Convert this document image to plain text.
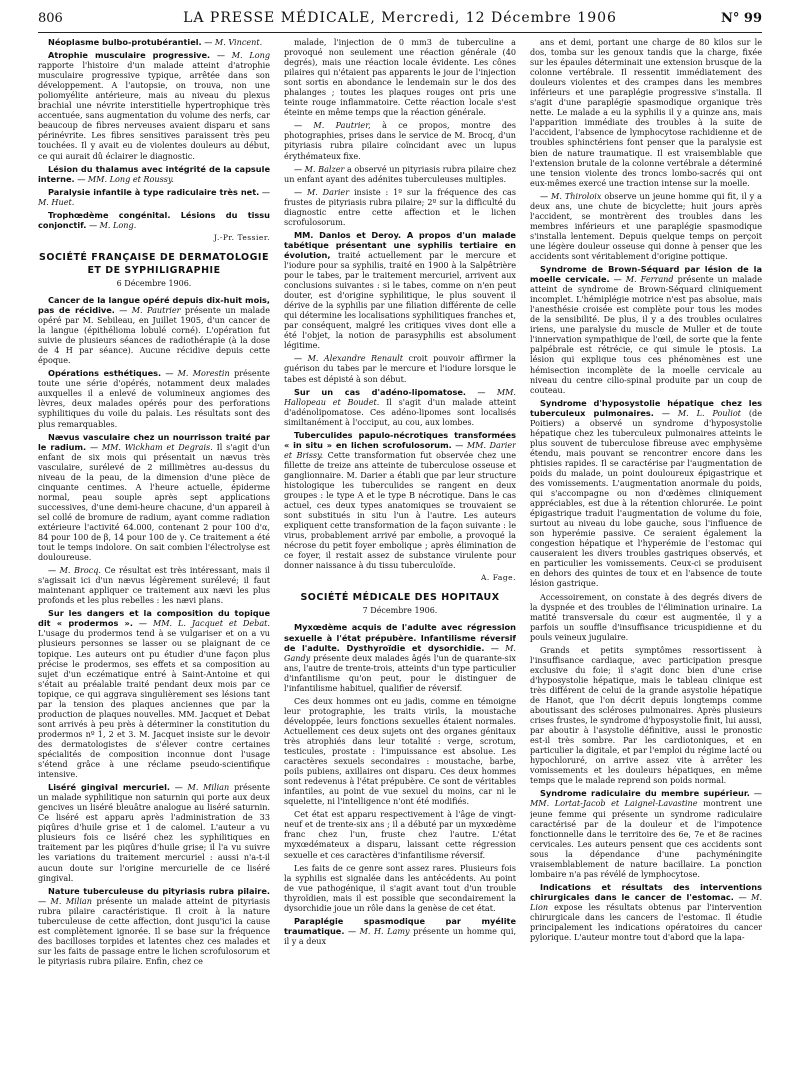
806	LA PRESSE MÉDICALE, Mercredi, 12 Décembre 1906	N° 99

Néoplasme bulbo-protubérantiel. — M. Vincent.

Atrophie musculaire progressive. — M. Long rapporte l'histoire d'un malade atteint d'atrophie musculaire progressive typique, arrêtée dans son développement. A l'autopsie, on trouva, non une poliomyélite antérieure, mais au niveau du plexus brachial une névrite interstitielle hypertrophique très accentuée, sans augmentation du volume des nerfs, car beaucoup de fibres nerveuses avaient disparu et sans périnévrite. Les fibres sensitives paraissent très peu touchées. Il y avait eu de violentes douleurs au début, ce qui aurait dû éclairer le diagnostic.

Lésion du thalamus avec intégrité de la capsule interne. — MM. Long et Roussy.

Paralysie infantile à type radiculaire très net. — M. Huet.

Trophœdème congénital. Lésions du tissu conjonctif. — M. Long.

J.-Pr. Tessier.
SOCIÉTÉ FRANÇAISE DE DERMATOLOGIE ET DE SYPHILIGRAPHIE
6 Décembre 1906.

Cancer de la langue opéré depuis dix-huit mois, pas de récidive. — M. Pautrier présente un malade opéré par M. Sebileau, en Juillet 1905, d'un cancer de la langue (épithélioma lobulé corné). L'opération fut suivie de plusieurs séances de radiothérapie (à la dose de 4 H par séance). Aucune récidive depuis cette époque.

Opérations esthétiques. — M. Morestin présente toute une série d'opérés, notamment deux malades auxquelles il a enlevé de volumineux angiomes des lèvres, deux malades opérés pour des perforations syphilitiques du voile du palais. Les résultats sont des plus remarquables.

Nævus vasculaire chez un nourrisson traité par le radium. — MM. Wickham et Degrais. Il s'agit d'un enfant de six mois qui présentait un nævus très vasculaire, surélevé de 2 millimètres au-dessus du niveau de la peau, de la dimension d'une pièce de cinquante centimes. A l'heure actuelle, épiderme normal, peau souple après sept applications successives, d'une demi-heure chacune, d'un appareil à sel collé de bromure de radium, ayant comme radiation extérieure l'activité 64.000, contenant 2 pour 100 d'α, 84 pour 100 de β, 14 pour 100 de γ. Ce traitement a été tout le temps indolore. On sait combien l'électrolyse est douloureuse.

— M. Brocq. Ce résultat est très intéressant, mais il s'agissait ici d'un nævus légèrement surélevé; il faut maintenant appliquer ce traitement aux nævi les plus profonds et les plus rebelles : les nævi plans.

Sur les dangers et la composition du topique dit « prodermos ». — MM. L. Jacquet et Debat. L'usage du prodermos tend à se vulgariser et on a vu plusieurs personnes se lasser ou se plaignant de ce topique. Les auteurs ont pu étudier d'une façon plus précise le prodermos, ses effets et sa composition au sujet d'un eczématique entré à Saint-Antoine et qui s'était au préalable traité pendant deux mois par ce topique, ce qui aggrava singulièrement ses lésions tant par la tension des plaques anciennes que par la production de plaques nouvelles. MM. Jacquet et Debat sont arrivés à peu près à déterminer la constitution du prodermos nº 1, 2 et 3. M. Jacquet insiste sur le devoir des dermatologistes de s'élever contre certaines spécialités de composition inconnue dont l'usage s'étend grâce à une réclame pseudo-scientifique intensive.

Liséré gingival mercuriel. — M. Milian présente un malade syphilitique non saturnin qui porte aux deux gencives un liséré bleuâtre analogue au liséré saturnin. Ce liséré est apparu après l'administration de 33 piqûres d'huile grise et 1 de calomel. L'auteur a vu plusieurs fois ce liséré chez les syphilitiques en traitement par les piqûres d'huile grise; il l'a vu suivre les variations du traitement mercuriel : aussi n'a-t-il aucun doute sur l'origine mercurielle de ce liséré gingival.

Nature tuberculeuse du pityriasis rubra pilaire. — M. Milian présente un malade atteint de pityriasis rubra pilaire caractéristique. Il croit à la nature tuberculeuse de cette affection, dont jusqu'ici la cause est complètement ignorée. Il se base sur la fréquence des bacilloses torpides et latentes chez ces malades et sur les faits de passage entre le lichen scrofulosorum et le pityriasis rubra pilaire. Enfin, chez ce

malade, l'injection de 0 mm3 de tuberculine a provoqué non seulement une réaction générale (40 degrés), mais une réaction locale évidente. Les cônes pilaires qui n'étaient pas apparents le jour de l'injection sont sortis en abondance le lendemain sur le dos des phalanges ; toutes les plaques rouges ont pris une teinte rouge inflammatoire. Cette réaction locale s'est éteinte en même temps que la réaction générale.

— M. Pautrier, à ce propos, montre des photographies, prises dans le service de M. Brocq, d'un pityriasis rubra pilaire coïncidant avec un lupus érythémateux fixe.

— M. Balzer a observé un pityriasis rubra pilaire chez un enfant ayant des adénites tuberculeuses multiples.

— M. Darier insiste : 1º sur la fréquence des cas frustes de pityriasis rubra pilaire; 2º sur la difficulté du diagnostic entre cette affection et le lichen scrofulosorum.

MM. Danlos et Deroy. A propos d'un malade tabétique présentant une syphilis tertiaire en évolution, traité actuellement par le mercure et l'iodure pour sa syphilis, traité en 1900 à la Salpêtrière pour le tabes, par le traitement mercuriel, arrivent aux conclusions suivantes : si le tabes, comme on n'en peut douter, est d'origine syphilitique, le plus souvent il dérive de la syphilis par une filiation différente de celle qui détermine les localisations syphilitiques franches et, par conséquent, malgré les critiques vives dont elle a été l'objet, la notion de parasyphilis est absolument légitime.

— M. Alexandre Renault croit pouvoir affirmer la guérison du tabes par le mercure et l'iodure lorsque le tabes est dépisté à son début.

Sur un cas d'adéno-lipomatose. — MM. Hallopeau et Boudet. Il s'agit d'un malade atteint d'adénolipomatose. Ces adéno-lipomes sont localisés similtanément à l'occiput, au cou, aux lombes.

Tuberculides papulo-nécrotiques transformées « in situ » en lichen scrofulosorum. — MM. Darier et Brissy. Cette transformation fut observée chez une fillette de treize ans atteinte de tuberculose osseuse et ganglionnaire. M. Darier a établi que par leur structure histologique les tuberculides se rangent en deux groupes : le type A et le type B nécrotique. Dans le cas actuel, ces deux types anatomiques se trouvaient se sont substitués in situ l'un à l'autre. Les auteurs expliquent cette transformation de la façon suivante : le virus, probablement arrivé par embolie, a provoqué la nécrose du petit foyer embolique ; après élimination de ce foyer, il restait assez de substance virulente pour donner naissance à du tissu tuberculoïde.

A. Fage.
SOCIÉTÉ MÉDICALE DES HOPITAUX
7 Décembre 1906.

Myxœdème acquis de l'adulte avec régression sexuelle à l'état prépubère. Infantilisme réversif de l'adulte. Dysthyroïdie et dysorchidie. — M. Gandy présente deux malades âgés l'un de quarante-six ans, l'autre de trente-trois, atteints d'un type particulier d'infantilisme qu'on peut, pour le distinguer de l'infantilisme habituel, qualifier de réversif.

Ces deux hommes ont eu jadis, comme en témoigne leur protographie, les traits virils, la moustache développée, leurs fonctions sexuelles étaient normales. Actuellement ces deux sujets ont des organes génitaux très atrophiés dans leur totalité : verge, scrotum, testicules, prostate : l'impuissance est absolue. Les caractères sexuels secondaires : moustache, barbe, poils pubiens, axillaires ont disparu. Ces deux hommes sont redevenus à l'état prépubère. Ce sont de véritables infantiles, au point de vue sexuel du moins, car ni le squelette, ni l'intelligence n'ont été modifiés.

Cet état est apparu respectivement à l'âge de vingt-neuf et de trente-six ans ; il a débuté par un myxœdème franc chez l'un, fruste chez l'autre. L'état myxœdémateux a disparu, laissant cette régression sexuelle et ces caractères d'infantilisme réversif.

Les faits de ce genre sont assez rares. Plusieurs fois la syphilis est signalée dans les antécédents. Au point de vue pathogénique, il s'agit avant tout d'un trouble thyroïdien, mais il est possible que secondairement la dysorchidie joue un rôle dans la genèse de cet état.

Paraplégie spasmodique par myélite traumatique. — M. H. Lamy présente un homme qui, il y a deux

ans et demi, portant une charge de 80 kilos sur le dos, tomba sur les genoux tandis que la charge, fixée sur les épaules déterminait une extension brusque de la colonne vertébrale. Il ressentit immédiatement des douleurs violentes et des crampes dans les membres inférieurs et une paraplégie progressive s'installa. Il s'agit d'une paraplégie spasmodique organique très nette. Le malade a eu la syphilis il y a quinze ans, mais l'apparition immédiate des troubles à la suite de l'accident, l'absence de lymphocytose rachidienne et de troubles sphinctériens font penser que la paralysie est bien de nature traumatique. Il est vraisemblable que l'extension brutale de la colonne vertébrale a déterminé une tension violente des troncs lombo-sacrés qui ont eux-mêmes exercé une traction intense sur la moelle.

— M. Thiroloix observe un jeune homme qui fit, il y a deux ans, une chute de bicyclette; huit jours après l'accident, se montrèrent des troubles dans les membres inférieurs et une paraplégie spasmodique s'installa lentement. Depuis quelque temps on perçoit une légère douleur osseuse qui donne à penser que les accidents sont véritablement d'origine pottique.

Syndrome de Brown-Séquard par lésion de la moelle cervicale. — M. Ferrand présente un malade atteint de syndrome de Brown-Séquard cliniquement incomplet. L'hémiplégie motrice n'est pas absolue, mais l'anesthésie croisée est complète pour tous les modes de la sensibilité. De plus, il y a des troubles oculaires iriens, une paralysie du muscle de Muller et de toute l'innervation sympathique de l'œil, de sorte que la fente palpébrale est rétrécie, ce qui simule le ptosis. La lésion qui explique tous ces phénomènes est une hémisection incomplète de la moelle cervicale au niveau du centre cilio-spinal produite par un coup de couteau.

Syndrome d'hyposystolie hépatique chez les tuberculeux pulmonaires. — M. L. Pouliot (de Poitiers) a observé un syndrome d'hyposystolie hépatique chez les tuberculeux pulmonaires atteints le plus souvent de tuberculose fibreuse avec emphysème étendu, mais pouvant se rencontrer encore dans les phtisies rapides. Il se caractérise par l'augmentation de poids du malade, un point douloureux épigastrique et des vomissements. L'augmentation anormale du poids, qui s'accompagne ou non d'œdèmes cliniquement appréciables, est due à la rétention chlorurée. Le point épigastrique traduit l'augmentation de volume du foie, surtout au niveau du lobe gauche, sous l'influence de son hyperémie passive. Ce seraient également la congestion hépatique et l'hyperémie de l'estomac qui causeraient les divers troubles gastriques observés, et en particulier les vomissements. Ceux-ci se produisent en dehors des quintes de toux et en l'absence de toute lésion gastrique.

Accessoirement, on constate à des degrés divers de la dyspnée et des troubles de l'élimination urinaire. La matité transversale du cœur est augmentée, il y a parfois un souffle d'insuffisance tricuspidienne et du pouls veineux jugulaire.

Grands et petits symptômes ressortissent à l'insuffisance cardiaque, avec participation presque exclusive du foie; il s'agit donc bien d'une crise d'hyposystolie hépatique, mais le tableau clinique est très différent de celui de la grande asystolie hépatique de Hanot, que l'on décrit depuis longtemps comme aboutissant des scléroses pulmonaires. Après plusieurs crises frustes, le syndrome d'hyposystolie finit, lui aussi, par aboutir à l'asystolie définitive, aussi le pronostic est-il très sombre. Par les cardiotoniques, et en particulier la digitale, et par l'emploi du régime lacté ou hypochloruré, on arrive assez vite à arrêter les vomissements et les douleurs hépatiques, en même temps que le malade reprend son poids normal.

Syndrome radiculaire du membre supérieur. — MM. Lortat-Jacob et Laignel-Lavastine montrent une jeune femme qui présente un syndrome radiculaire caractérisé par de la douleur et de l'impotence fonctionnelle dans le territoire des 6e, 7e et 8e racines cervicales. Les auteurs pensent que ces accidents sont sous la dépendance d'une pachyméningite vraisemblablement de nature bacillaire. La ponction lombaire n'a pas révélé de lymphocytose.

Indications et résultats des interventions chirurgicales dans le cancer de l'estomac. — M. Lion expose les résultats obtenus par l'intervention chirurgicale dans les cancers de l'estomac. Il étudie principalement les indications opératoires du cancer pylorique. L'auteur montre tout d'abord que la lapa-
